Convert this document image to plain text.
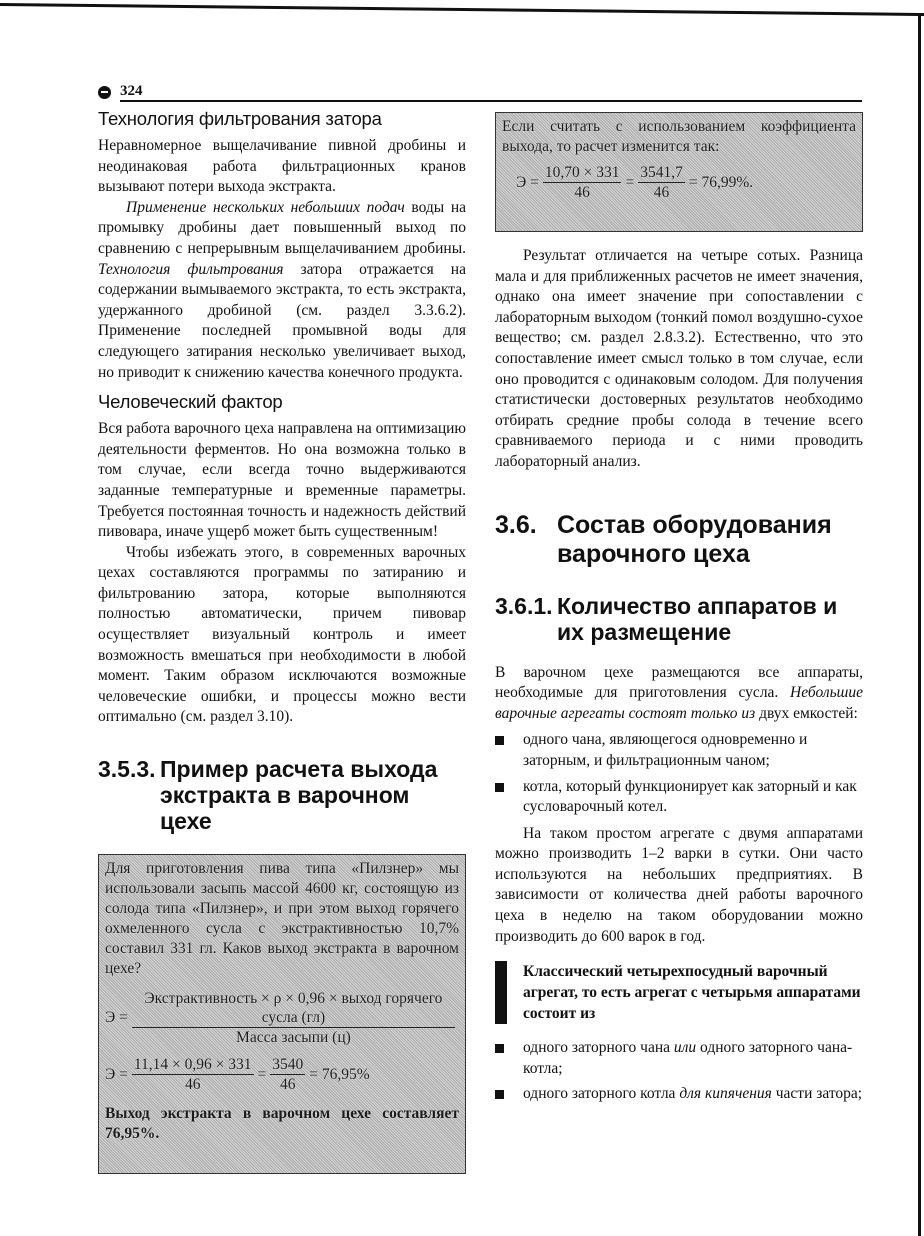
324
Технология фильтрования затора

Неравномерное выщелачивание пивной дробины и неодинаковая работа фильтрационных кранов вызывают потери выхода экстракта.

Применение нескольких небольших подач воды на промывку дробины дает повышенный выход по сравнению с непрерывным выщелачиванием дробины. Технология фильтрования затора отражается на содержании вымываемого экстракта, то есть экстракта, удержанного дробиной (см. раздел 3.3.6.2). Применение последней промывной воды для следующего затирания несколько увеличивает выход, но приводит к снижению качества конечного продукта.

Человеческий фактор

Вся работа варочного цеха направлена на оптимизацию деятельности ферментов. Но она возможна только в том случае, если всегда точно выдерживаются заданные температурные и временные параметры. Требуется постоянная точность и надежность действий пивовара, иначе ущерб может быть существенным!

Чтобы избежать этого, в современных варочных цехах составляются программы по затиранию и фильтрованию затора, которые выполняются полностью автоматически, причем пивовар осуществляет визуальный контроль и имеет возможность вмешаться при необходимости в любой момент. Таким образом исключаются возможные человеческие ошибки, и процессы можно вести оптимально (см. раздел 3.10).

3.5.3. Пример расчета выхода экстракта в варочном цехе

Для приготовления пива типа «Пилзнер» мы использовали засыпь массой 4600 кг, состоящую из солода типа «Пилзнер», и при этом выход горячего охмеленного сусла с экстрактивностью 10,7% составил 331 гл. Каков выход экстракта в варочном цехе?

$Э = \frac{\text{Экстрактивность × ρ × 0,96 × выход горячего сусла (гл)}}{\text{Масса засыпи (ц)}}$
$Э = \frac{11,14 \times 0,96 \times 331}{46} = \frac{3540}{46} = 76,95\%$

Выход экстракта в варочном цехе составляет 76,95%.

Если считать с использованием коэффициента выхода, то расчет изменится так:

$Э = \frac{10,70 \times 331}{46} = \frac{3541,7}{46} = 76,99\%$.

Результат отличается на четыре сотых. Разница мала и для приближенных расчетов не имеет значения, однако она имеет значение при сопоставлении с лабораторным выходом (тонкий помол воздушно-сухое вещество; см. раздел 2.8.3.2). Естественно, что это сопоставление имеет смысл только в том случае, если оно проводится с одинаковым солодом. Для получения статистически достоверных результатов необходимо отбирать средние пробы солода в течение всего сравниваемого периода и с ними проводить лабораторный анализ.

3.6. Состав оборудования варочного цеха
3.6.1. Количество аппаратов и их размещение

В варочном цехе размещаются все аппараты, необходимые для приготовления сусла. Небольшие варочные агрегаты состоят только из двух емкостей:

одного чана, являющегося одновременно и заторным, и фильтрационным чаном;
котла, который функционирует как заторный и как сусловарочный котел.

На таком простом агрегате с двумя аппаратами можно производить 1–2 варки в сутки. Они часто используются на небольших предприятиях. В зависимости от количества дней работы варочного цеха в неделю на таком оборудовании можно производить до 600 варок в год.

Классический четырехпосудный варочный агрегат, то есть агрегат с четырьмя аппаратами состоит из
одного заторного чана или одного заторного чана-котла;
одного заторного котла для кипячения части затора;
